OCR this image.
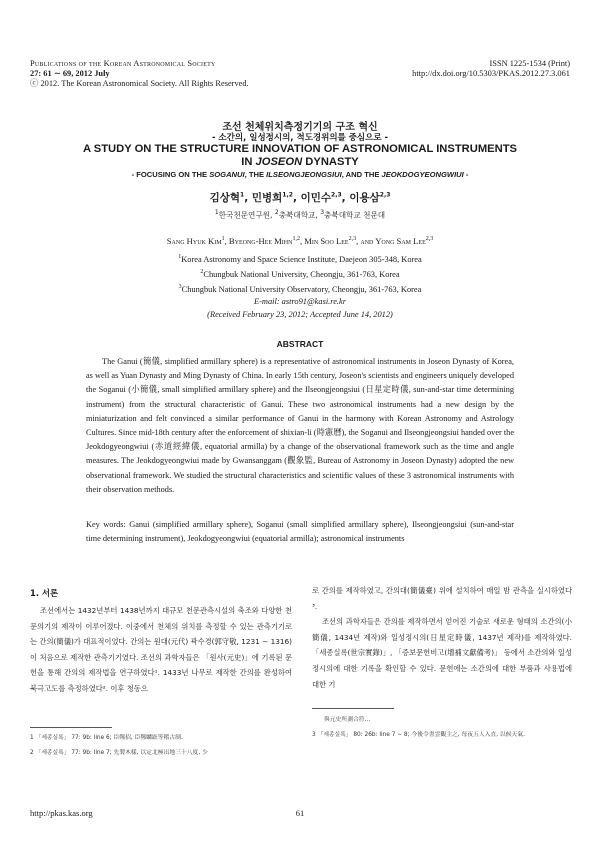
Publications of the Korean Astronomical Society
27: 61 ∼ 69, 2012 July
ⓒ 2012. The Korean Astronomical Society. All Rights Reserved.
ISSN 1225-1534 (Print)
http://dx.doi.org/10.5303/PKAS.2012.27.3.061
조선 천체위치측정기기의 구조 혁신
- 소간의, 일성정시의, 적도경위의를 중심으로 -
A STUDY ON THE STRUCTURE INNOVATION OF ASTRONOMICAL INSTRUMENTS
IN JOSEON DYNASTY
- FOCUSING ON THE SOGANUI, THE ILSEONGJEONGSIUI, AND THE JEOKDOGYEONGWIUI -
김상혁$^1$, 민병희$^{1,2}$, 이민수$^{2,3}$, 이용삼$^{2,3}$
$^1$한국천문연구원, $^2$충북대학교, $^3$충북대학교 천문대
Sang Hyuk Kim$^1$, Byeong-Hee Mihn$^{1,2}$, Min Soo Lee$^{2,3}$, and Yong Sam Lee$^{2,3}$
$^1$Korea Astronomy and Space Science Institute, Daejeon 305-348, Korea
$^2$Chungbuk National University, Cheongju, 361-763, Korea
$^3$Chungbuk National University Observatory, Cheongju, 361-763, Korea
E-mail: astro91@kasi.re.kr
(Received February 23, 2012; Accepted June 14, 2012)
ABSTRACT
The Ganui (簡儀, simplified armillary sphere) is a representative of astronomical instruments in Joseon Dynasty of Korea, as well as Yuan Dynasty and Ming Dynasty of China. In early 15th century, Joseon's scientists and engineers uniquely developed the Soganui (小簡儀, small simplified armillary sphere) and the Ilseongjeongsiui (日星定時儀, sun-and-star time determining instrument) from the structural characteristic of Ganui. These two astronomical instruments had a new design by the miniaturization and felt convinced a similar performance of Ganui in the harmony with Korean Astronomy and Astrology Cultures. Since mid-18th century after the enforcement of shixian-li (時憲曆), the Soganui and Ilseongjeongsiui handed over the Jeokdogyeongwiui (赤道經緯儀, equatorial armilla) by a change of the observational framework such as the time and angle measures. The Jeokdogyeongwiui made by Gwansanggam (觀象監, Bureau of Astronomy in Joseon Dynasty) adopted the new observational framework. We studied the structural characteristics and scientific values of these 3 astronomical instruments with their observation methods.
Key words: Ganui (simplified armillary sphere), Soganui (small simplified armillary sphere), Ilseongjeongsiui (sun-and-star time determining instrument), Jeokdogyeongwiui (equatorial armilla); astronomical instruments
1. 서론

조선에서는 1432년부터 1438년까지 대규모 천문관측시설의 축조와 다양한 천문의기의 제작이 이루어졌다. 이중에서 천체의 위치를 측정할 수 있는 관측기기로는 간의(簡儀)가 대표적이었다. 간의는 원대(元代) 곽수경(郭守敬, 1231 ∼ 1316)이 처음으로 제작한 관측기기였다. 조선의 과학자들은 「원사(元史)」에 기록된 문헌을 통해 간의의 제작법을 연구하였다¹. 1433년 나무로 제작한 간의를 완성하여 북극고도를 측정하였다². 이후 청동으

1 「세종실록」 77: 9b: line 6; 臣鄭招, 臣鄭麟趾等稽古制.
2 「세종실록」 77: 9b: line 7; 先製木樣, 以定北極出地三十八度, 少

로 간의를 제작하였고, 간의대(簡儀臺) 위에 설치하여 매일 밤 관측을 실시하였다³.

조선의 과학자들은 간의를 제작하면서 얻어진 기술로 새로운 형태의 소간의(小簡儀, 1434년 제작)와 일성정시의(日星定時儀, 1437년 제작)를 제작하였다. 「세종실록(世宗實錄)」, 「증보문헌비고(增補文獻備考)」 등에서 소간의와 일성정시의에 대한 기록을 확인할 수 있다. 문헌에는 소간의에 대한 부품과 사용법에 대한 기

與元史所測合符…
3 「세종실록」 80: 26b: line 7 ∼ 8; 今後令書雲觀主之, 每夜五人入直, 以候天氣.
http://pkas.kas.org	61
